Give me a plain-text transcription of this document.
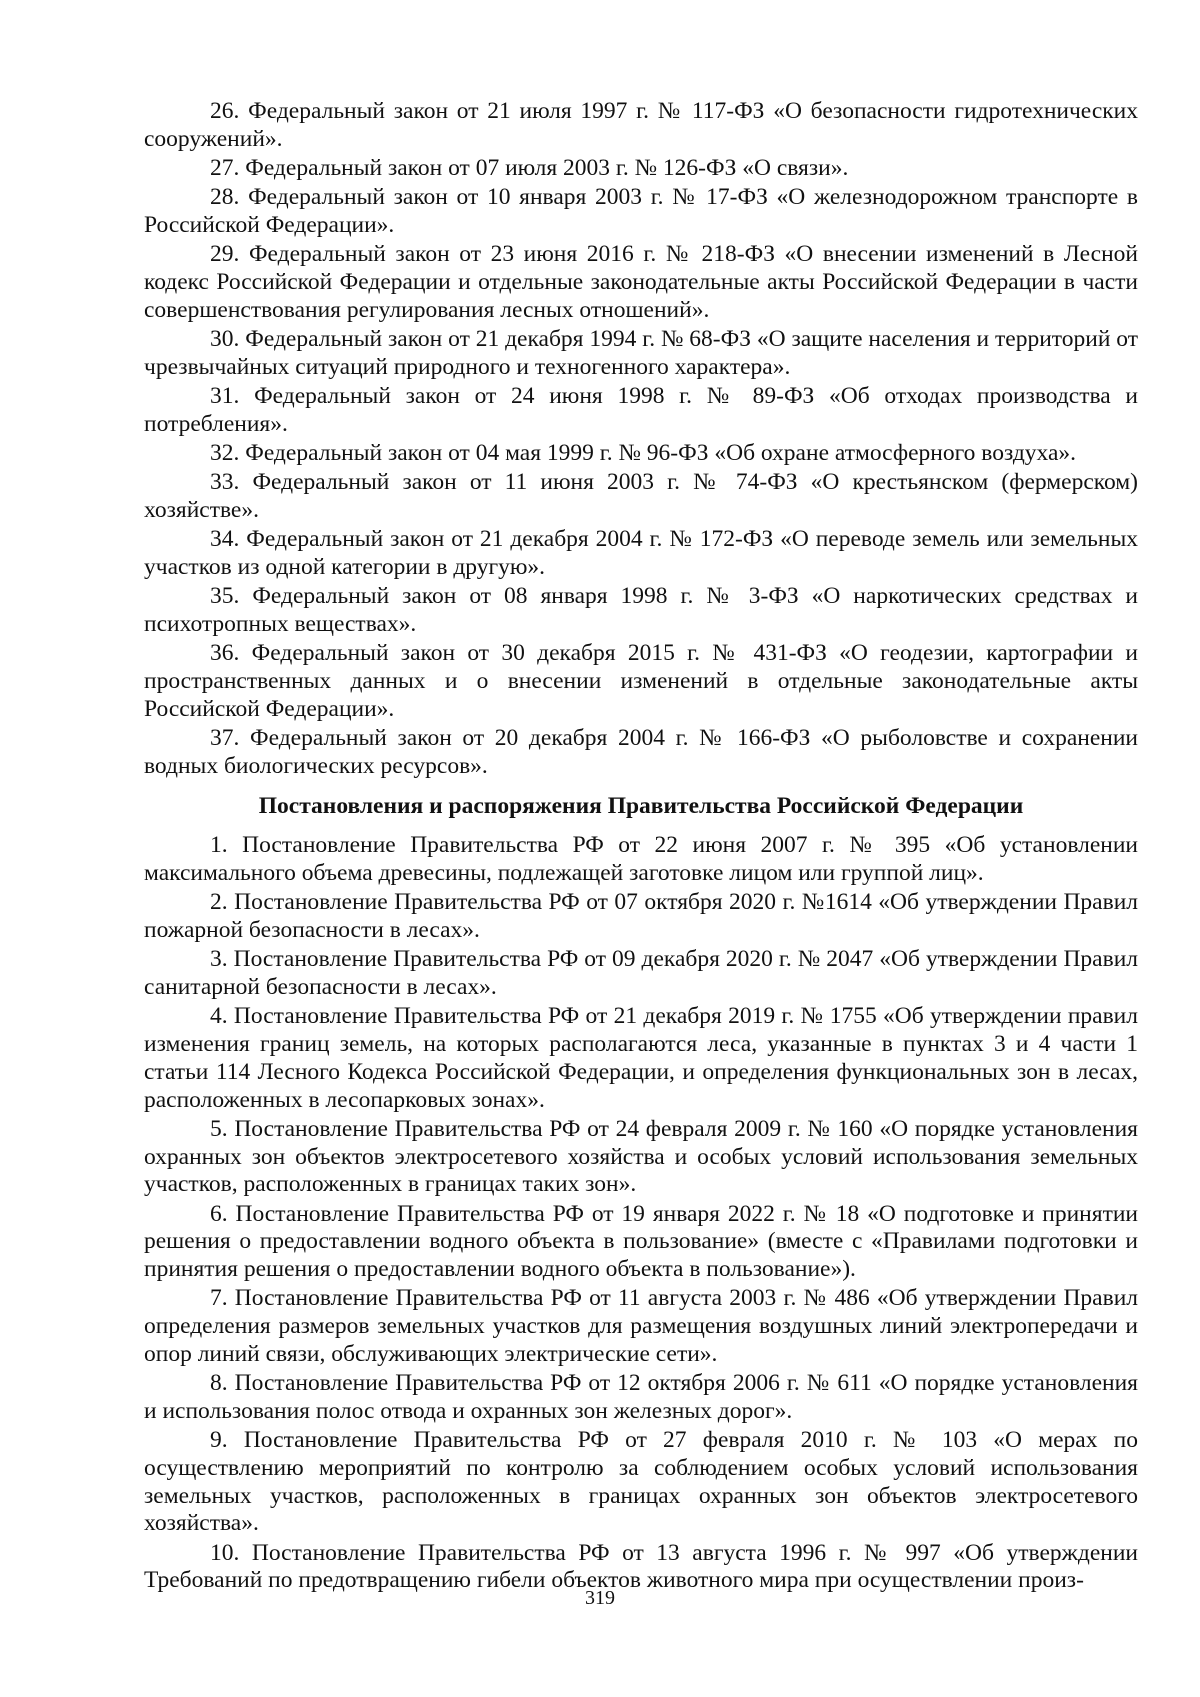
26. Федеральный закон от 21 июля 1997 г. № 117-ФЗ «О безопасности гидротехнических сооружений».

27. Федеральный закон от 07 июля 2003 г. № 126-ФЗ «О связи».

28. Федеральный закон от 10 января 2003 г. № 17-ФЗ «О железнодорожном транспорте в Российской Федерации».

29. Федеральный закон от 23 июня 2016 г. № 218-ФЗ «О внесении изменений в Лесной кодекс Российской Федерации и отдельные законодательные акты Российской Федерации в части совершенствования регулирования лесных отношений».

30. Федеральный закон от 21 декабря 1994 г. № 68-ФЗ «О защите населения и территорий от чрезвычайных ситуаций природного и техногенного характера».

31. Федеральный закон от 24 июня 1998 г. № 89-ФЗ «Об отходах производства и потребления».

32. Федеральный закон от 04 мая 1999 г. № 96-ФЗ «Об охране атмосферного воздуха».

33. Федеральный закон от 11 июня 2003 г. № 74-ФЗ «О крестьянском (фермерском) хозяйстве».

34. Федеральный закон от 21 декабря 2004 г. № 172-ФЗ «О переводе земель или земельных участков из одной категории в другую».

35. Федеральный закон от 08 января 1998 г. № 3-ФЗ «О наркотических средствах и психотропных веществах».

36. Федеральный закон от 30 декабря 2015 г. № 431-ФЗ «О геодезии, картографии и пространственных данных и о внесении изменений в отдельные законодательные акты Российской Федерации».

37. Федеральный закон от 20 декабря 2004 г. № 166-ФЗ «О рыболовстве и сохранении водных биологических ресурсов».

Постановления и распоряжения Правительства Российской Федерации

1. Постановление Правительства РФ от 22 июня 2007 г. № 395 «Об установлении максимального объема древесины, подлежащей заготовке лицом или группой лиц».

2. Постановление Правительства РФ от 07 октября 2020 г. №1614 «Об утверждении Правил пожарной безопасности в лесах».

3. Постановление Правительства РФ от 09 декабря 2020 г. № 2047 «Об утверждении Правил санитарной безопасности в лесах».

4. Постановление Правительства РФ от 21 декабря 2019 г. № 1755 «Об утверждении правил изменения границ земель, на которых располагаются леса, указанные в пунктах 3 и 4 части 1 статьи 114 Лесного Кодекса Российской Федерации, и определения функциональных зон в лесах, расположенных в лесопарковых зонах».

5. Постановление Правительства РФ от 24 февраля 2009 г. № 160 «О порядке установления охранных зон объектов электросетевого хозяйства и особых условий использования земельных участков, расположенных в границах таких зон».

6. Постановление Правительства РФ от 19 января 2022 г. № 18 «О подготовке и принятии решения о предоставлении водного объекта в пользование» (вместе с «Правилами подготовки и принятия решения о предоставлении водного объекта в пользование»).

7. Постановление Правительства РФ от 11 августа 2003 г. № 486 «Об утверждении Правил определения размеров земельных участков для размещения воздушных линий электропередачи и опор линий связи, обслуживающих электрические сети».

8. Постановление Правительства РФ от 12 октября 2006 г. № 611 «О порядке установления и использования полос отвода и охранных зон железных дорог».

9. Постановление Правительства РФ от 27 февраля 2010 г. № 103 «О мерах по осуществлению мероприятий по контролю за соблюдением особых условий использования земельных участков, расположенных в границах охранных зон объектов электросетевого хозяйства».

10. Постановление Правительства РФ от 13 августа 1996 г. № 997 «Об утверждении Требований по предотвращению гибели объектов животного мира при осуществлении произ-

319
